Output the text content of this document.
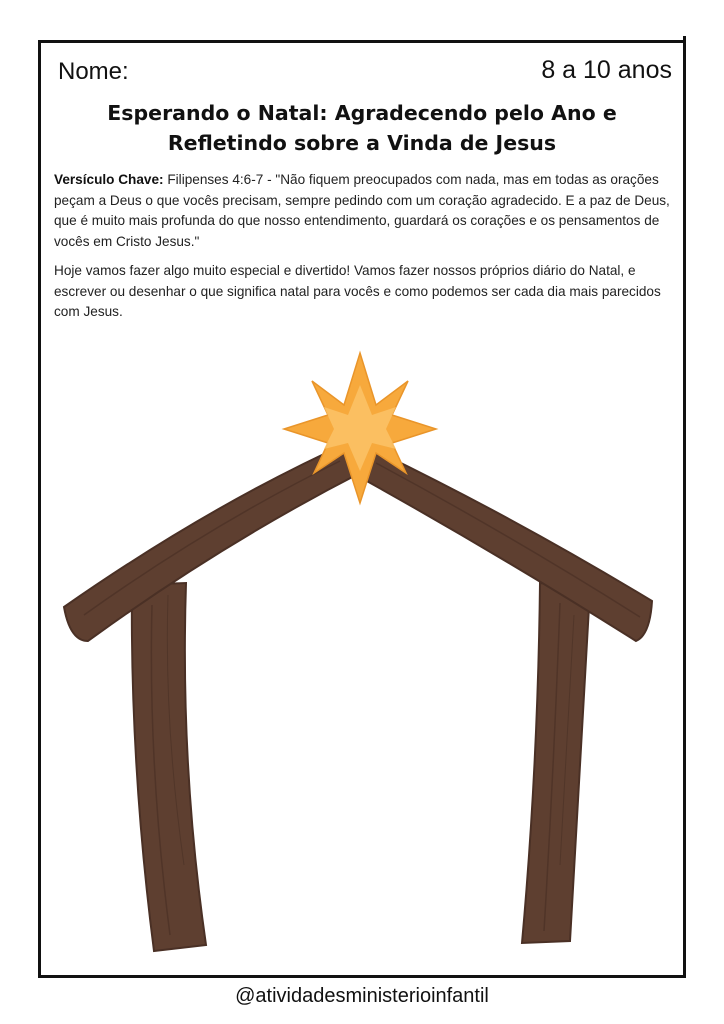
Nome:	8 a 10 anos
Esperando o Natal: Agradecendo pelo Ano e
Refletindo sobre a Vinda de Jesus
Versículo Chave: Filipenses 4:6-7 - "Não fiquem preocupados com nada, mas em todas as orações peçam a Deus o que vocês precisam, sempre pedindo com um coração agradecido. E a paz de Deus, que é muito mais profunda do que nosso entendimento, guardará os corações e os pensamentos de vocês em Cristo Jesus."
Hoje vamos fazer algo muito especial e divertido! Vamos fazer nossos próprios diário do Natal, e escrever ou desenhar o que significa natal para vocês e como podemos ser cada dia mais parecidos com Jesus.
@atividadesministerioinfantil
